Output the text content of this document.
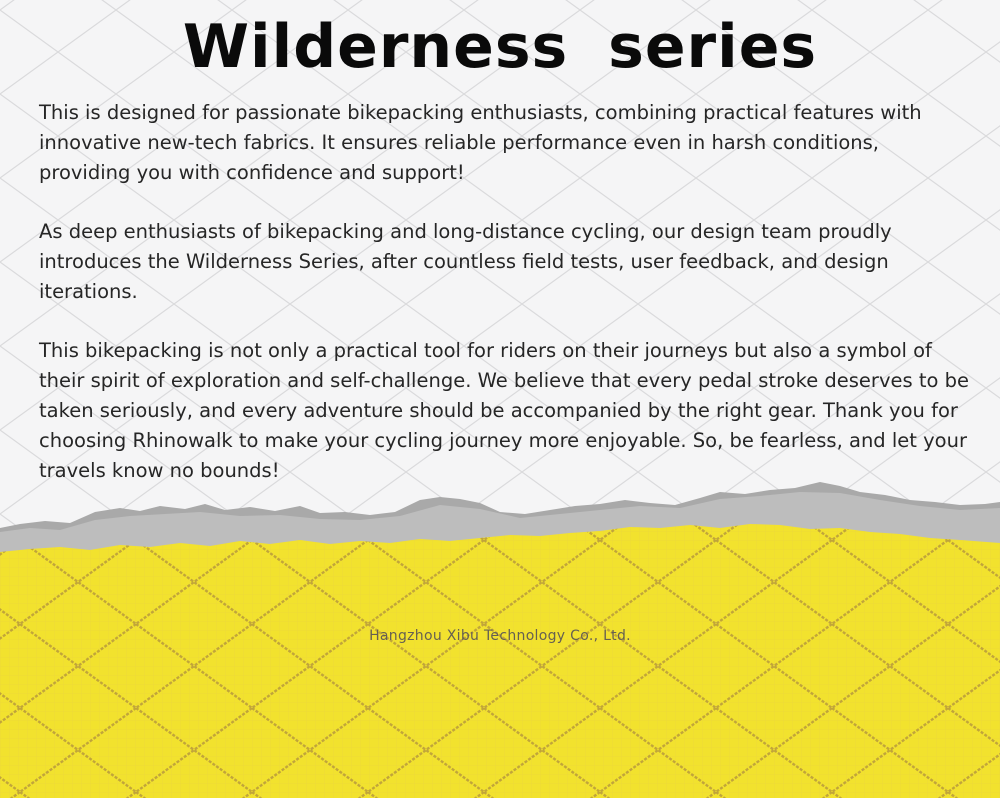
Wilderness series

This is designed for passionate bikepacking enthusiasts, combining practical features with innovative new-tech fabrics. It ensures reliable performance even in harsh conditions, providing you with confidence and support!

As deep enthusiasts of bikepacking and long-distance cycling, our design team proudly introduces the Wilderness Series, after countless field tests, user feedback, and design iterations.

This bikepacking is not only a practical tool for riders on their journeys but also a symbol of their spirit of exploration and self-challenge. We believe that every pedal stroke deserves to be taken seriously, and every adventure should be accompanied by the right gear. Thank you for choosing Rhinowalk to make your cycling journey more enjoyable. So, be fearless, and let your travels know no bounds!

Hangzhou Xibu Technology Co., Ltd.
